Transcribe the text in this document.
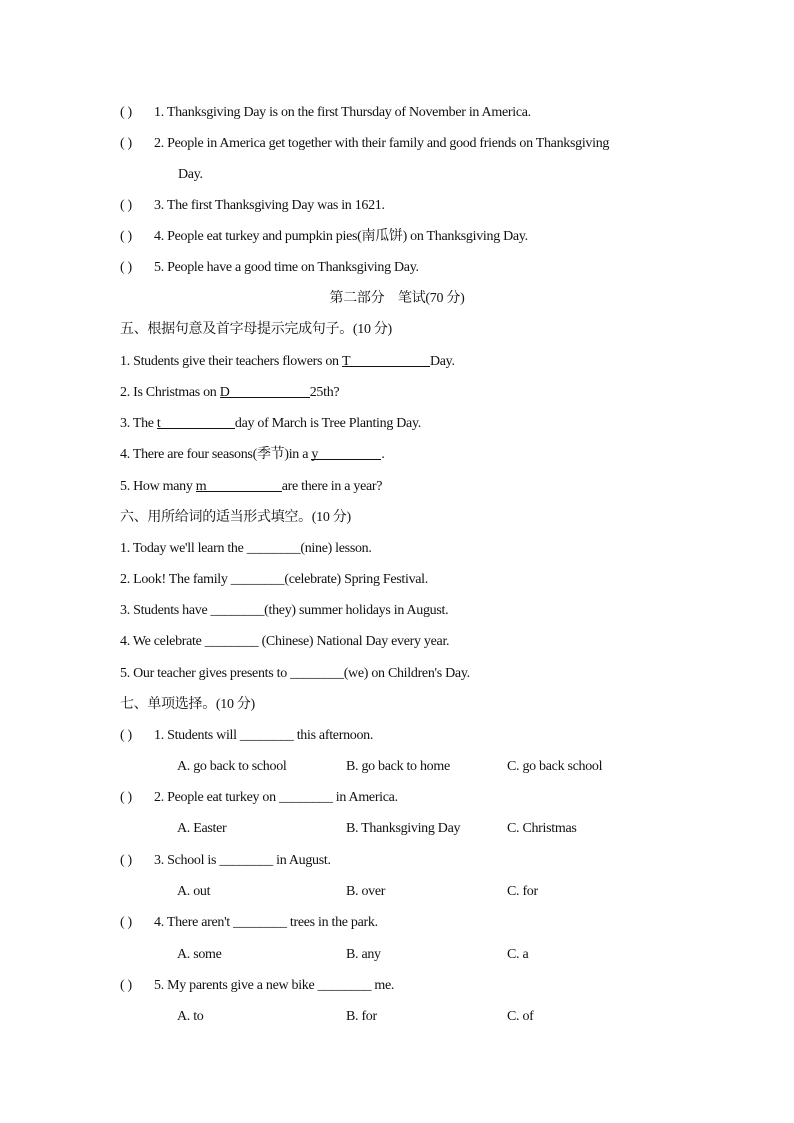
( ) 1. Thanksgiving Day is on the first Thursday of November in America.
( ) 2. People in America get together with their family and good friends on Thanksgiving
Day.
( ) 3. The first Thanksgiving Day was in 1621.
( ) 4. People eat turkey and pumpkin pies(南瓜饼) on Thanksgiving Day.
( ) 5. People have a good time on Thanksgiving Day.
第二部分　笔试(70 分)
五、根据句意及首字母提示完成句子。(10 分)
1. Students give their teachers flowers on T	Day.
2. Is Christmas on D	25th?
3. The t	day of March is Tree Planting Day.
4. There are four seasons(季节)in a y	.
5. How many m	are there in a year?
六、用所给词的适当形式填空。(10 分)
1. Today we'll learn the ________(nine) lesson.
2. Look! The family ________(celebrate) Spring Festival.
3. Students have ________(they) summer holidays in August.
4. We celebrate ________ (Chinese) National Day every year.
5. Our teacher gives presents to ________(we) on Children's Day.
七、单项选择。(10 分)
( ) 1. Students will ________ this afternoon.
A. go back to school	B. go back to home	C. go back school
( ) 2. People eat turkey on ________ in America.
A. Easter	B. Thanksgiving Day	C. Christmas
( ) 3. School is ________ in August.
A. out	B. over	C. for
( ) 4. There aren't ________ trees in the park.
A. some	B. any	C. a
( ) 5. My parents give a new bike ________ me.
A. to	B. for	C. of
